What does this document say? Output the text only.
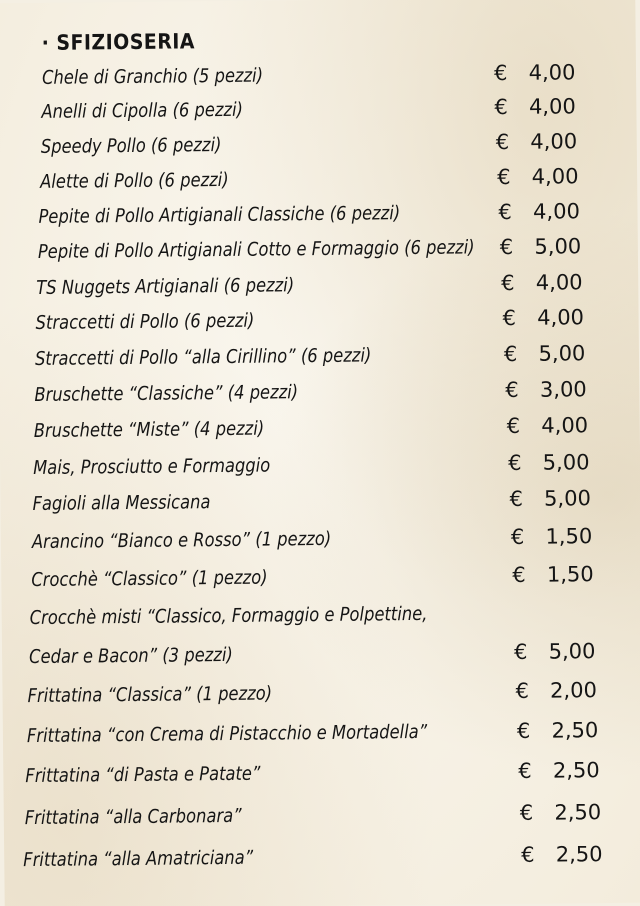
· SFIZIOSERIA
Chele di Granchio (5 pezzi)	€ 4,00
Anelli di Cipolla (6 pezzi)	€ 4,00
Speedy Pollo (6 pezzi)	€ 4,00
Alette di Pollo (6 pezzi)	€ 4,00
Pepite di Pollo Artigianali Classiche (6 pezzi)	€ 4,00
Pepite di Pollo Artigianali Cotto e Formaggio (6 pezzi) € 5,00
TS Nuggets Artigianali (6 pezzi)	€ 4,00
Straccetti di Pollo (6 pezzi)	€ 4,00
Straccetti di Pollo “alla Cirillino” (6 pezzi)	€ 5,00
Bruschette “Classiche” (4 pezzi)	€ 3,00
Bruschette “Miste” (4 pezzi)	€ 4,00
Mais, Prosciutto e Formaggio	€ 5,00
Fagioli alla Messicana	€ 5,00
Arancino “Bianco e Rosso” (1 pezzo)	€ 1,50
Crocchè “Classico” (1 pezzo)	€ 1,50
Crocchè misti “Classico, Formaggio e Polpettine,
Cedar e Bacon” (3 pezzi)	€ 5,00
Frittatina “Classica” (1 pezzo)	€ 2,00
Frittatina “con Crema di Pistacchio e Mortadella”	€ 2,50
Frittatina “di Pasta e Patate”	€ 2,50
Frittatina “alla Carbonara”	€ 2,50
Frittatina “alla Amatriciana”	€ 2,50
